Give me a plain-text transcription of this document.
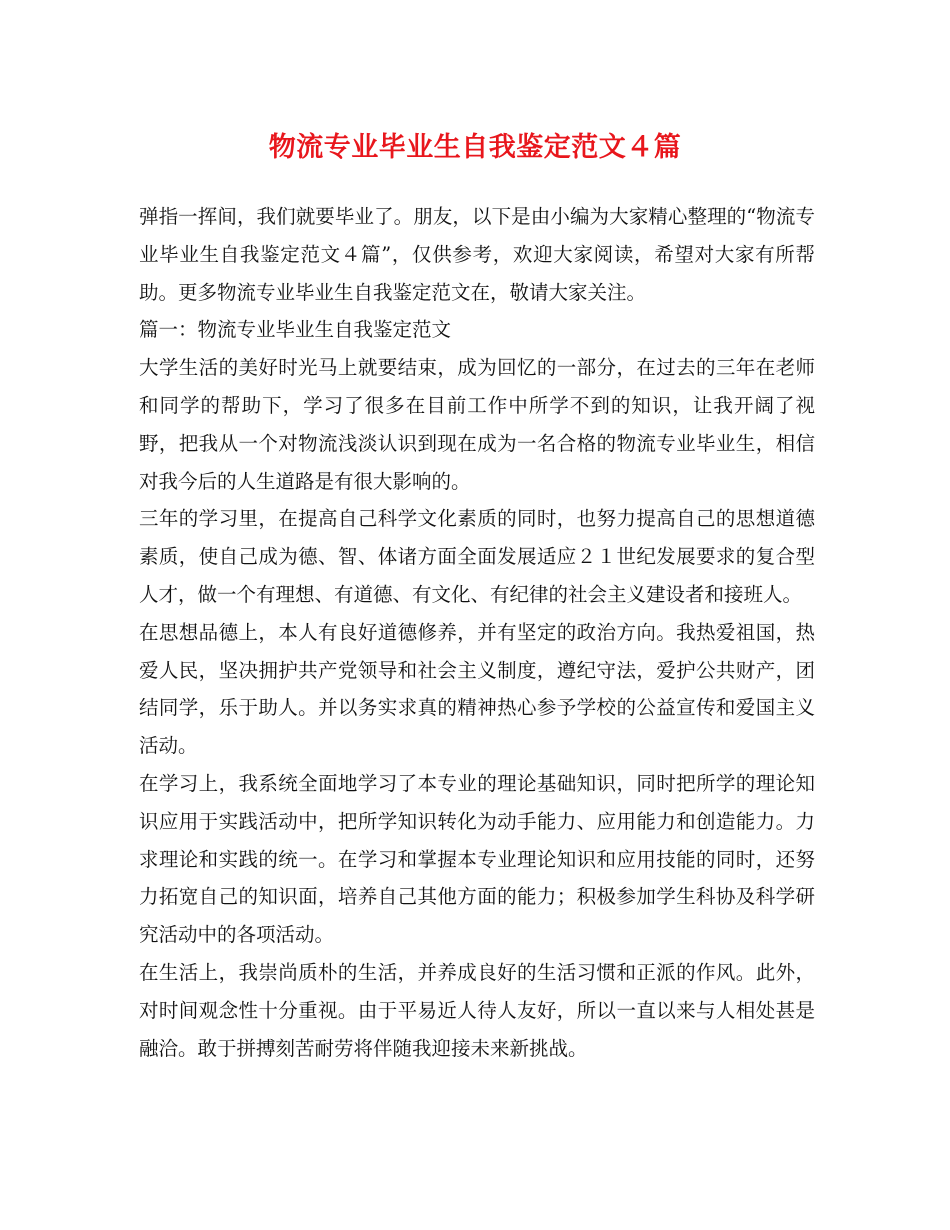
物流专业毕业生自我鉴定范文４篇

弹指一挥间，我们就要毕业了。朋友，以下是由小编为大家精心整理的“物流专业毕业生自我鉴定范文４篇”，仅供参考，欢迎大家阅读，希望对大家有所帮助。更多物流专业毕业生自我鉴定范文在，敬请大家关注。

篇一：物流专业毕业生自我鉴定范文

大学生活的美好时光马上就要结束，成为回忆的一部分，在过去的三年在老师和同学的帮助下，学习了很多在目前工作中所学不到的知识，让我开阔了视野，把我从一个对物流浅淡认识到现在成为一名合格的物流专业毕业生，相信对我今后的人生道路是有很大影响的。

三年的学习里，在提高自己科学文化素质的同时，也努力提高自己的思想道德素质，使自己成为德、智、体诸方面全面发展适应２１世纪发展要求的复合型人才，做一个有理想、有道德、有文化、有纪律的社会主义建设者和接班人。

在思想品德上，本人有良好道德修养，并有坚定的政治方向。我热爱祖国，热爱人民，坚决拥护共产党领导和社会主义制度，遵纪守法，爱护公共财产，团结同学，乐于助人。并以务实求真的精神热心参予学校的公益宣传和爱国主义活动。

在学习上，我系统全面地学习了本专业的理论基础知识，同时把所学的理论知识应用于实践活动中，把所学知识转化为动手能力、应用能力和创造能力。力求理论和实践的统一。在学习和掌握本专业理论知识和应用技能的同时，还努力拓宽自己的知识面，培养自己其他方面的能力；积极参加学生科协及科学研究活动中的各项活动。

在生活上，我崇尚质朴的生活，并养成良好的生活习惯和正派的作风。此外，对时间观念性十分重视。由于平易近人待人友好，所以一直以来与人相处甚是融洽。敢于拼搏刻苦耐劳将伴随我迎接未来新挑战。
